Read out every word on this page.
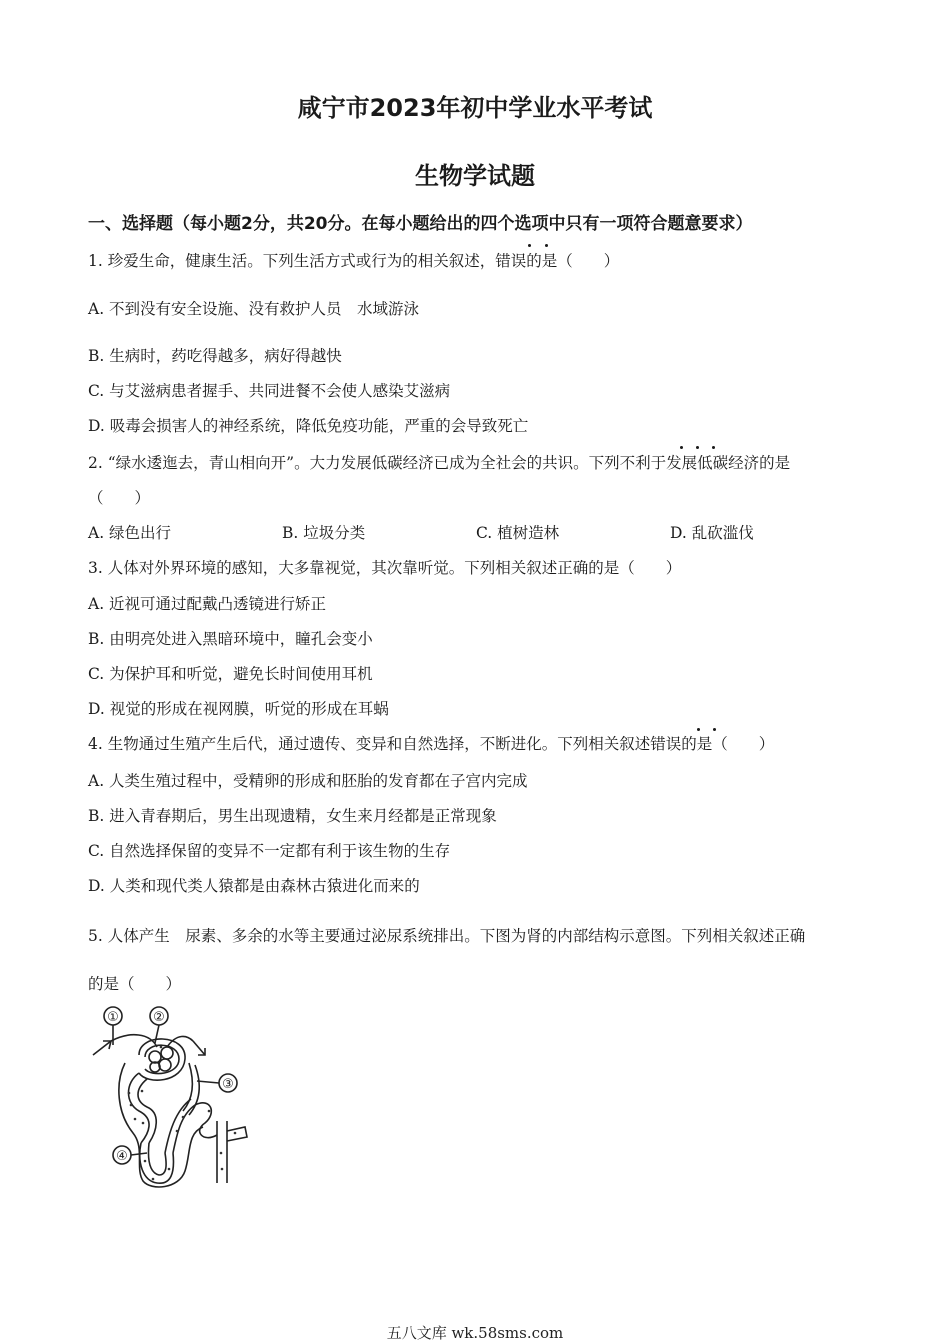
咸宁市2023年初中学业水平考试
生物学试题
一、选择题（每小题2分，共20分。在每小题给出的四个选项中只有一项符合题意要求）
1. 珍爱生命，健康生活。下列生活方式或行为的相关叙述，错误的是（　　）
A. 不到没有安全设施、没有救护人员　水域游泳
B. 生病时，药吃得越多，病好得越快
C. 与艾滋病患者握手、共同进餐不会使人感染艾滋病
D. 吸毒会损害人的神经系统，降低免疫功能，严重的会导致死亡
2. “绿水逶迤去，青山相向开”。大力发展低碳经济已成为全社会的共识。下列不利于发展低碳经济的是
（　　）
A. 绿色出行	B. 垃圾分类	C. 植树造林	D. 乱砍滥伐
3. 人体对外界环境的感知，大多靠视觉，其次靠听觉。下列相关叙述正确的是（　　）
A. 近视可通过配戴凸透镜进行矫正
B. 由明亮处进入黑暗环境中，瞳孔会变小
C. 为保护耳和听觉，避免长时间使用耳机
D. 视觉的形成在视网膜，听觉的形成在耳蜗
4. 生物通过生殖产生后代，通过遗传、变异和自然选择，不断进化。下列相关叙述错误的是（　　）
A. 人类生殖过程中，受精卵的形成和胚胎的发育都在子宫内完成
B. 进入青春期后，男生出现遗精，女生来月经都是正常现象
C. 自然选择保留的变异不一定都有利于该生物的生存
D. 人类和现代类人猿都是由森林古猿进化而来的
5. 人体产生　尿素、多余的水等主要通过泌尿系统排出。下图为肾的内部结构示意图。下列相关叙述正确
的是（　　）
①	②
③
④
五八文库 wk.58sms.com
